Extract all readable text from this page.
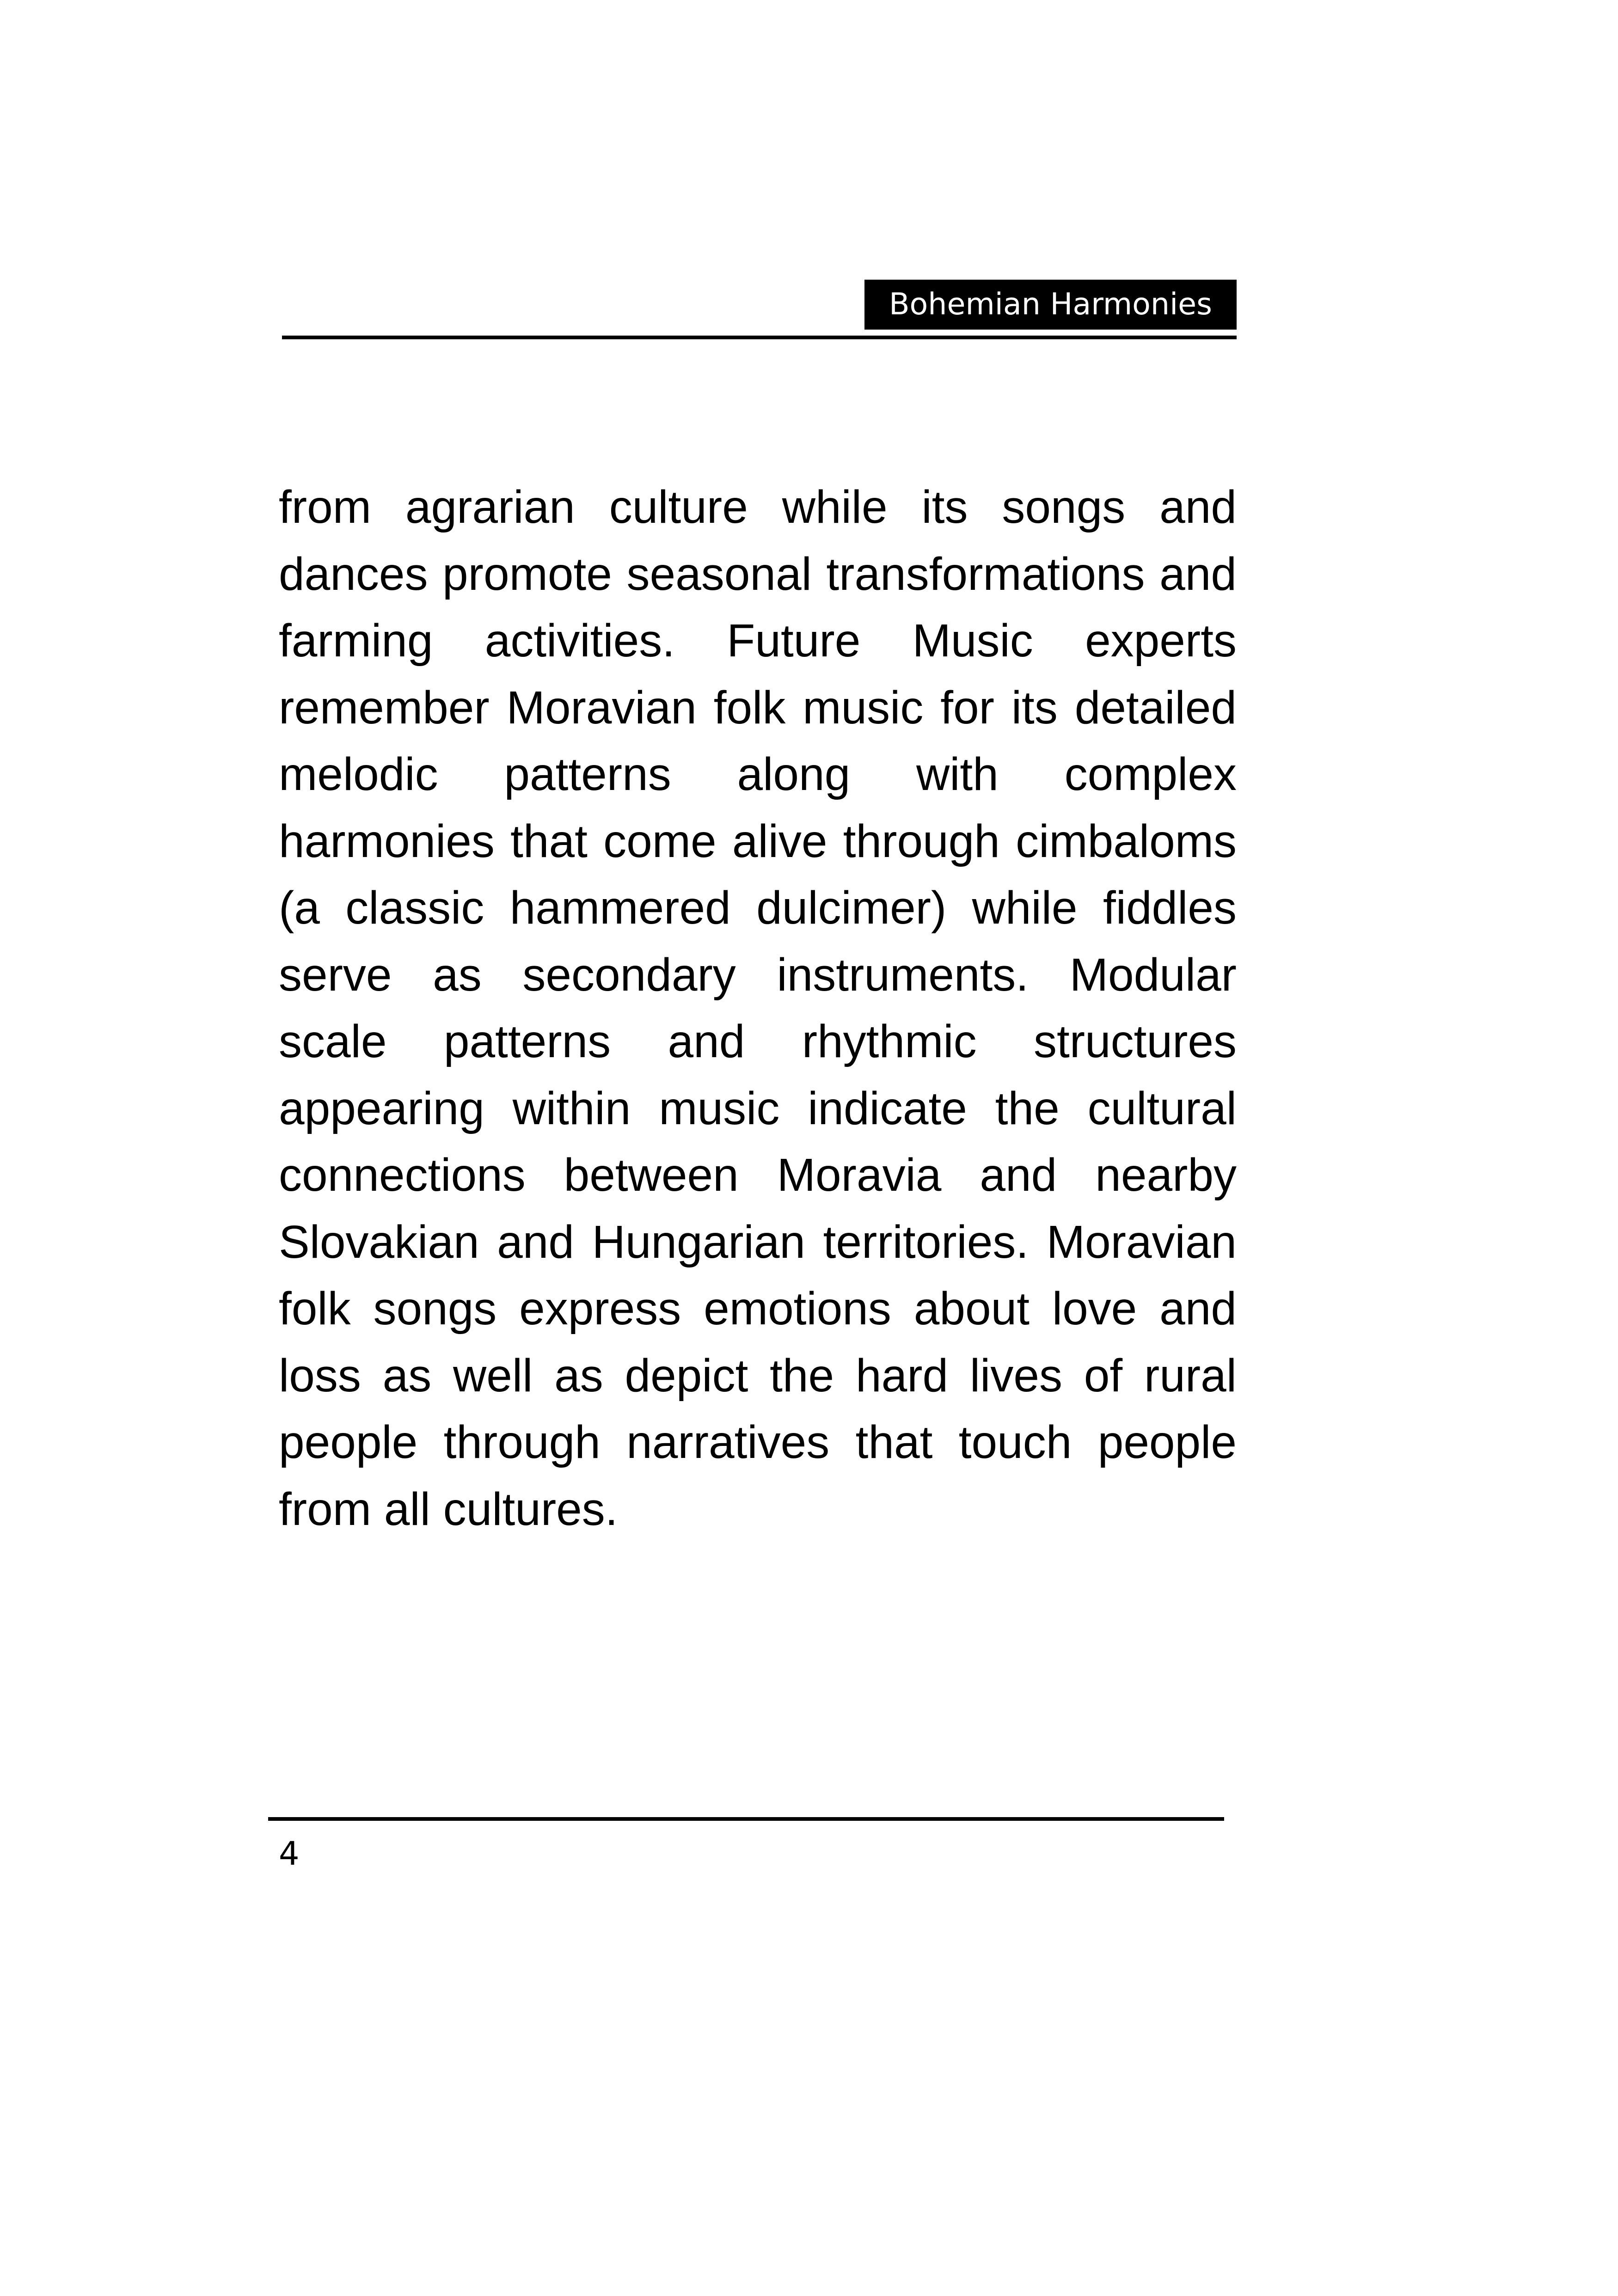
Bohemian Harmonies
from agrarian culture while its songs and
dances promote seasonal transformations and
farming activities. Future Music experts
remember Moravian folk music for its detailed
melodic patterns along with complex
harmonies that come alive through cimbaloms
(a classic hammered dulcimer) while fiddles
serve as secondary instruments. Modular
scale patterns and rhythmic structures
appearing within music indicate the cultural
connections between Moravia and nearby
Slovakian and Hungarian territories. Moravian
folk songs express emotions about love and
loss as well as depict the hard lives of rural
people through narratives that touch people
from all cultures.
4
